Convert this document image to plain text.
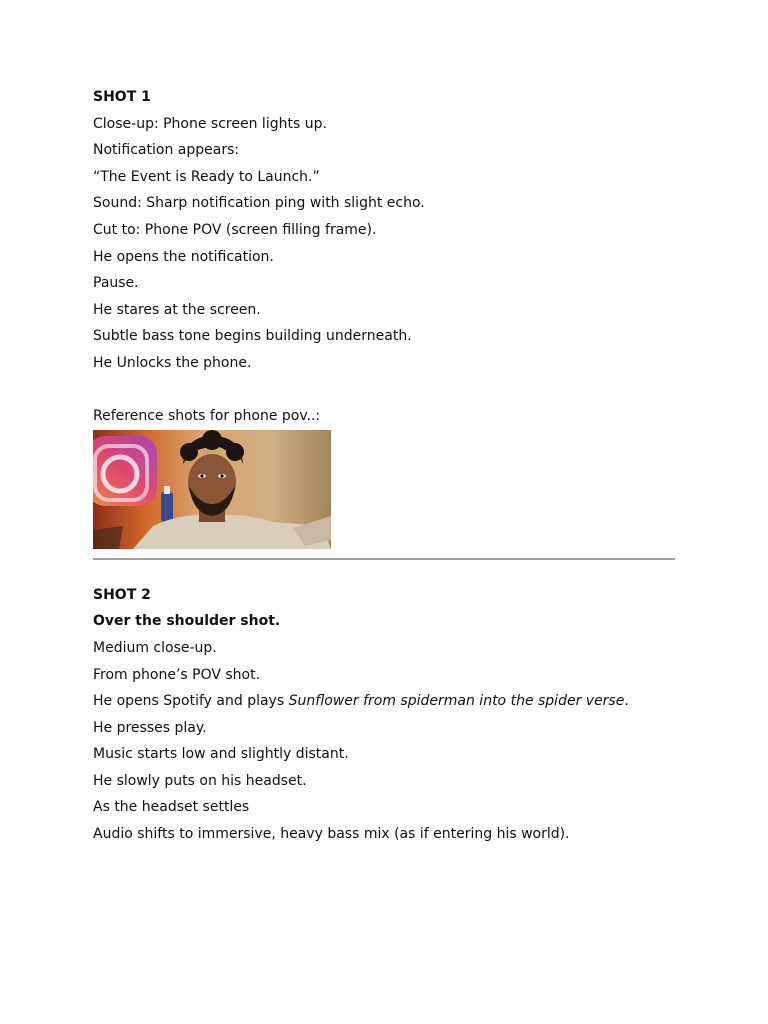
SHOT 1
Close-up: Phone screen lights up.
Notification appears:
“The Event is Ready to Launch.”
Sound: Sharp notification ping with slight echo.
Cut to: Phone POV (screen filling frame).
He opens the notification.
Pause.
He stares at the screen.
Subtle bass tone begins building underneath.
He Unlocks the phone.
Reference shots for phone pov..:
SHOT 2
Over the shoulder shot.
Medium close-up.
From phone’s POV shot.
He opens Spotify and plays Sunflower from spiderman into the spider verse.
He presses play.
Music starts low and slightly distant.
He slowly puts on his headset.
As the headset settles
Audio shifts to immersive, heavy bass mix (as if entering his world).
